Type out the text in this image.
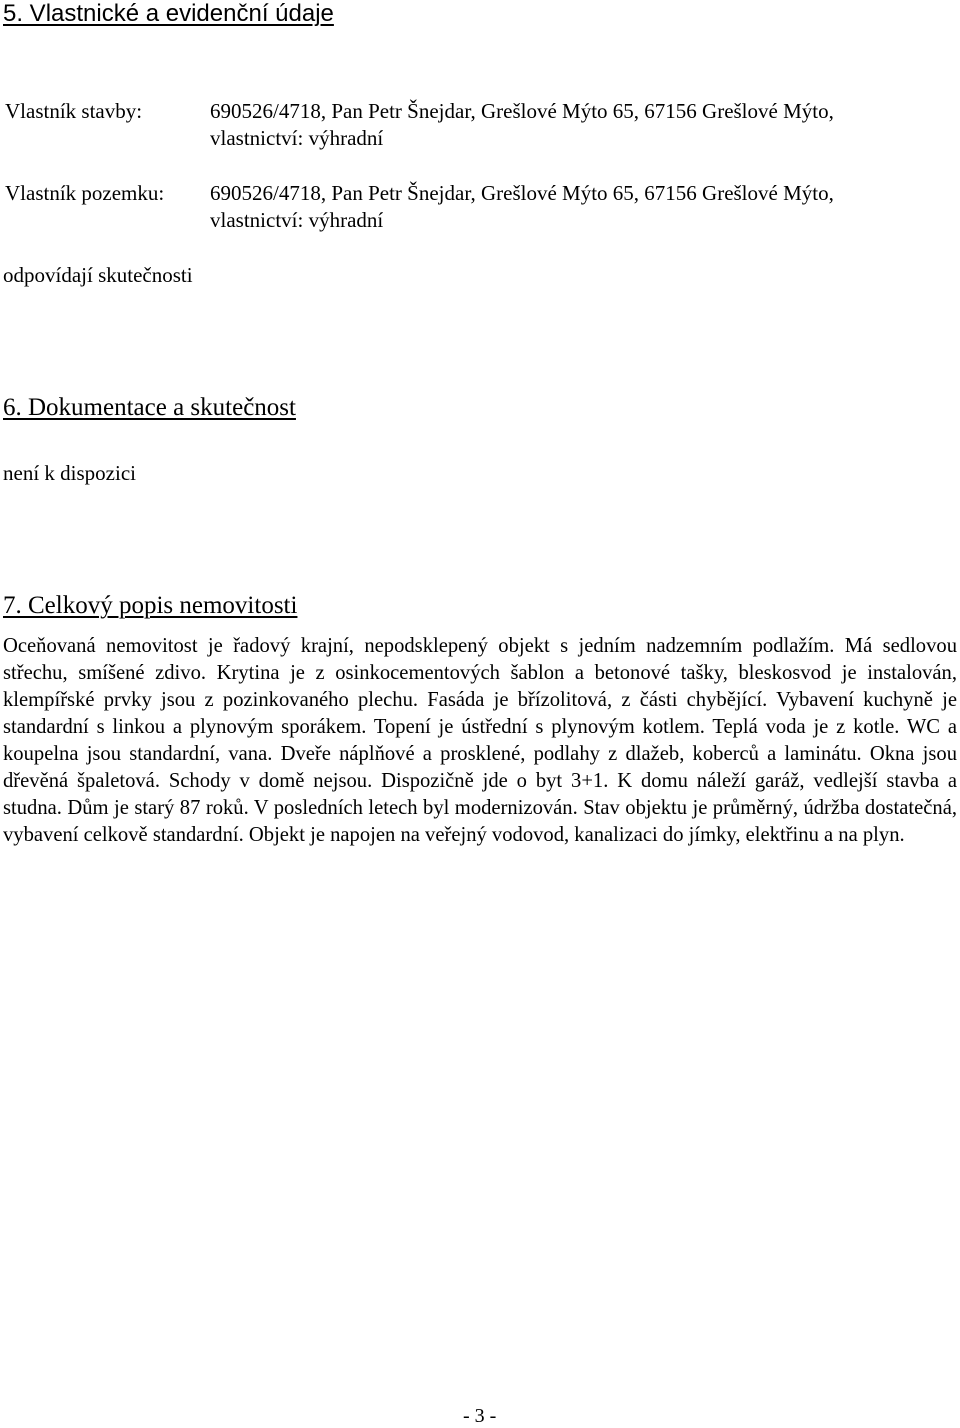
5. Vlastnické a evidenční údaje
Vlastník stavby:	690526/4718, Pan Petr Šnejdar, Grešlové Mýto 65, 67156 Grešlové Mýto,
vlastnictví: výhradní
Vlastník pozemku: 690526/4718, Pan Petr Šnejdar, Grešlové Mýto 65, 67156 Grešlové Mýto,
vlastnictví: výhradní
odpovídají skutečnosti
6. Dokumentace a skutečnost
není k dispozici
7. Celkový popis nemovitosti
Oceňovaná nemovitost je řadový krajní, nepodsklepený objekt s jedním nadzemním podlažím. Má sedlovou střechu, smíšené zdivo. Krytina je z osinkocementových šablon a betonové tašky, bleskosvod je instalován, klempířské prvky jsou z pozinkovaného plechu. Fasáda je břízolitová, z části chybějící. Vybavení kuchyně je standardní s linkou a plynovým sporákem. Topení je ústřední s plynovým kotlem. Teplá voda je z kotle. WC a koupelna jsou standardní, vana. Dveře náplňové a prosklené, podlahy z dlažeb, koberců a laminátu. Okna jsou dřevěná špaletová. Schody v domě nejsou. Dispozičně jde o byt 3+1. K domu náleží garáž, vedlejší stavba a studna. Dům je starý 87 roků. V posledních letech byl modernizován. Stav objektu je průměrný, údržba dostatečná, vybavení celkově standardní. Objekt je napojen na veřejný vodovod, kanalizaci do jímky, elektřinu a na plyn.
- 3 -
